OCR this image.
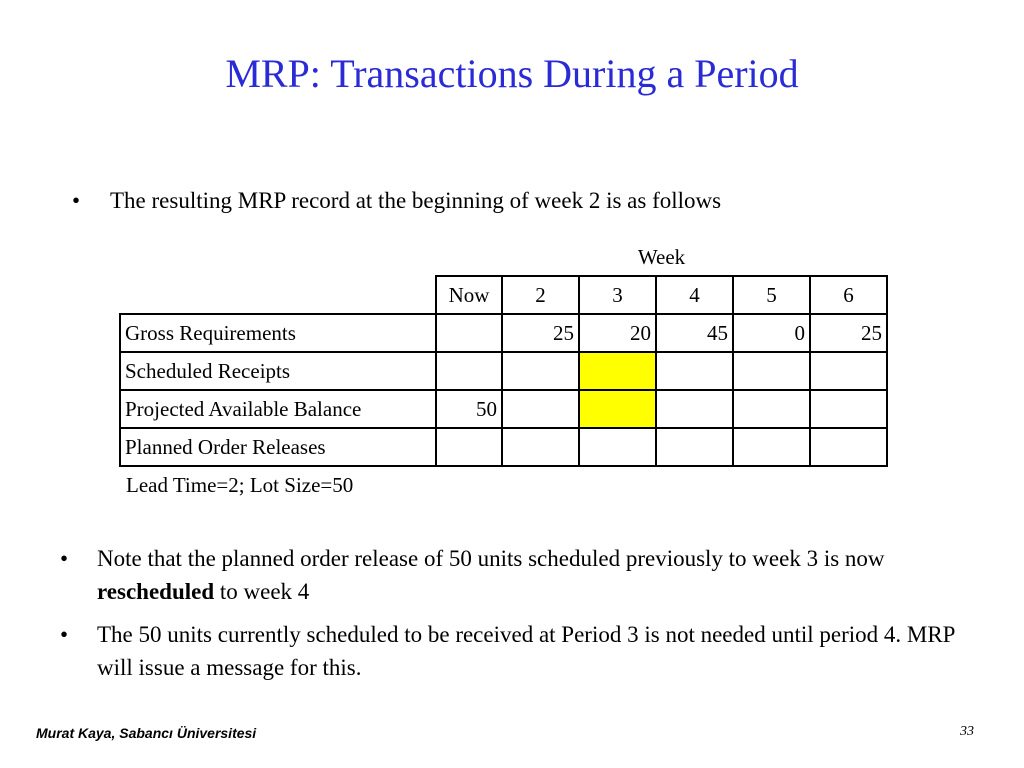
MRP: Transactions During a Period
• The resulting MRP record at the beginning of week 2 is as follows
	Week					
	Now	2	3	4	5	6
Gross Requirements		25	20	45	0	25
Scheduled Receipts						
Projected Available Balance	50					
Planned Order Releases						
Lead Time=2; Lot Size=50						
• Note that the planned order release of 50 units scheduled previously to week 3 is now rescheduled to week 4
• The 50 units currently scheduled to be received at Period 3 is not needed until period 4. MRP will issue a message for this.
Murat Kaya, Sabancı Üniversitesi	33
